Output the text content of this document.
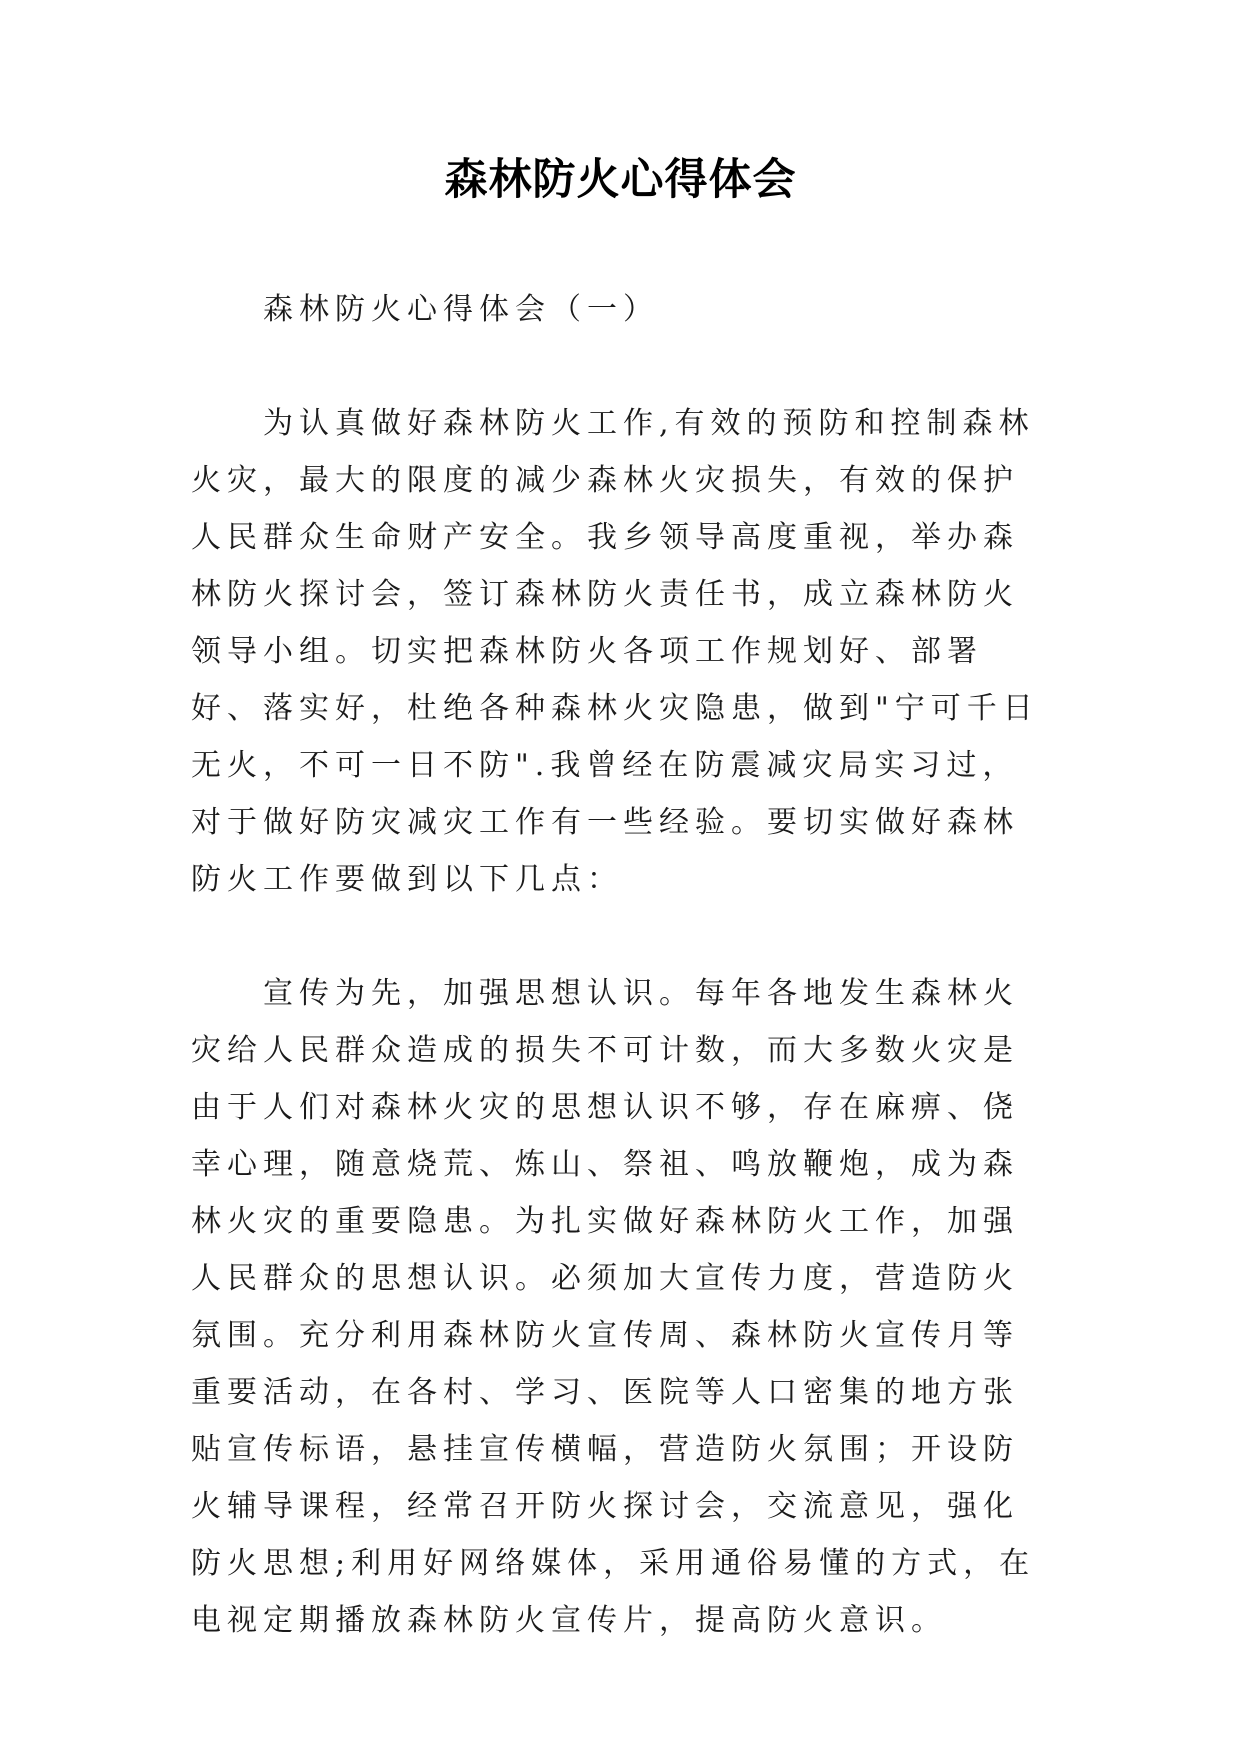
森林防火心得体会

森林防火心得体会（一）

为认真做好森林防火工作,有效的预防和控制森林火灾，最大的限度的减少森林火灾损失，有效的保护人民群众生命财产安全。我乡领导高度重视，举办森林防火探讨会，签订森林防火责任书，成立森林防火领导小组。切实把森林防火各项工作规划好、部署好、落实好，杜绝各种森林火灾隐患，做到"宁可千日无火，不可一日不防".我曾经在防震减灾局实习过，对于做好防灾减灾工作有一些经验。要切实做好森林防火工作要做到以下几点：

宣传为先，加强思想认识。每年各地发生森林火灾给人民群众造成的损失不可计数，而大多数火灾是由于人们对森林火灾的思想认识不够，存在麻痹、侥幸心理，随意烧荒、炼山、祭祖、鸣放鞭炮，成为森林火灾的重要隐患。为扎实做好森林防火工作，加强人民群众的思想认识。必须加大宣传力度，营造防火氛围。充分利用森林防火宣传周、森林防火宣传月等重要活动，在各村、学习、医院等人口密集的地方张贴宣传标语，悬挂宣传横幅，营造防火氛围；开设防火辅导课程，经常召开防火探讨会，交流意见，强化防火思想;利用好网络媒体，采用通俗易懂的方式，在电视定期播放森林防火宣传片，提高防火意识。
